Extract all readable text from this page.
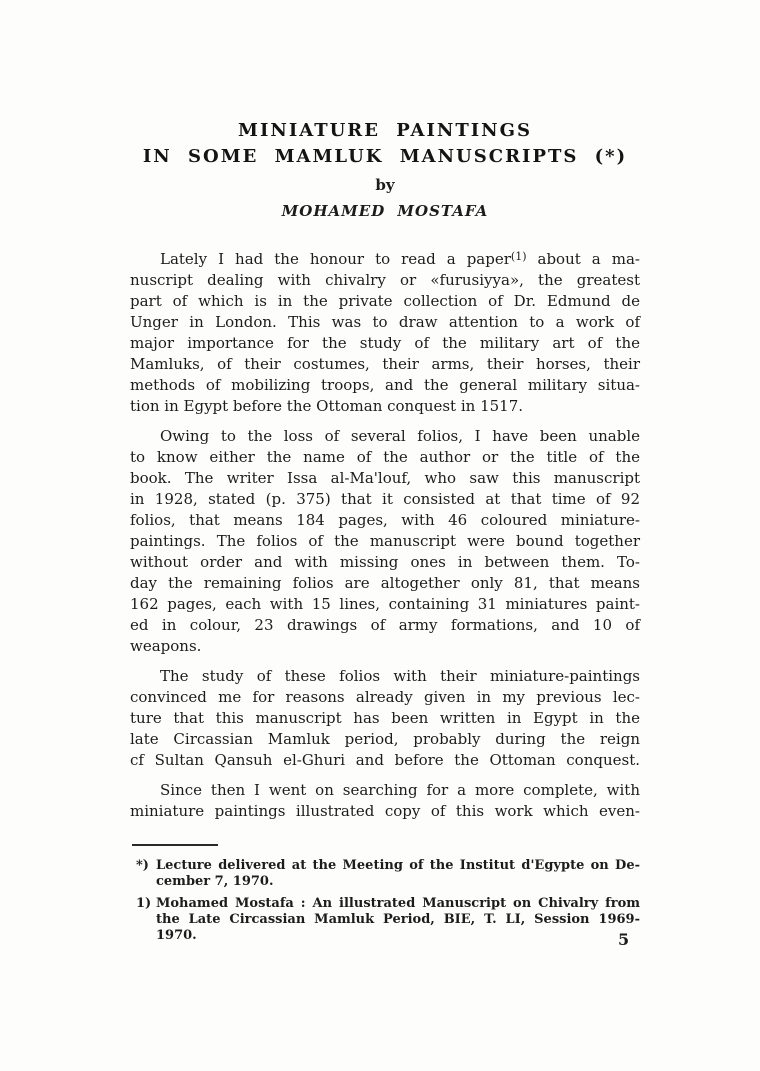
MINIATURE PAINTINGS
IN SOME MAMLUK MANUSCRIPTS (*)
by
MOHAMED MOSTAFA
Lately I had the honour to read a paper$^{(1)}$ about a ma-
nuscript dealing with chivalry or «furusiyya», the greatest
part of which is in the private collection of Dr. Edmund de
Unger in London. This was to draw attention to a work of
major importance for the study of the military art of the
Mamluks, of their costumes, their arms, their horses, their
methods of mobilizing troops, and the general military situa-
tion in Egypt before the Ottoman conquest in 1517.
Owing to the loss of several folios, I have been unable
to know either the name of the author or the title of the
book. The writer Issa al-Ma'louf, who saw this manuscript
in 1928, stated (p. 375) that it consisted at that time of 92
folios, that means 184 pages, with 46 coloured miniature-
paintings. The folios of the manuscript were bound together
without order and with missing ones in between them. To-
day the remaining folios are altogether only 81, that means
162 pages, each with 15 lines, containing 31 miniatures paint-
ed in colour, 23 drawings of army formations, and 10 of
weapons.
The study of these folios with their miniature-paintings
convinced me for reasons already given in my previous lec-
ture that this manuscript has been written in Egypt in the
late Circassian Mamluk period, probably during the reign
cf Sultan Qansuh el-Ghuri and before the Ottoman conquest.
Since then I went on searching for a more complete, with
miniature paintings illustrated copy of this work which even-
*) Lecture delivered at the Meeting of the Institut d'Egypte on De-
cember 7, 1970.
1) Mohamed Mostafa : An illustrated Manuscript on Chivalry from
the Late Circassian Mamluk Period, BIE, T. LI, Session 1969-1970.	5
